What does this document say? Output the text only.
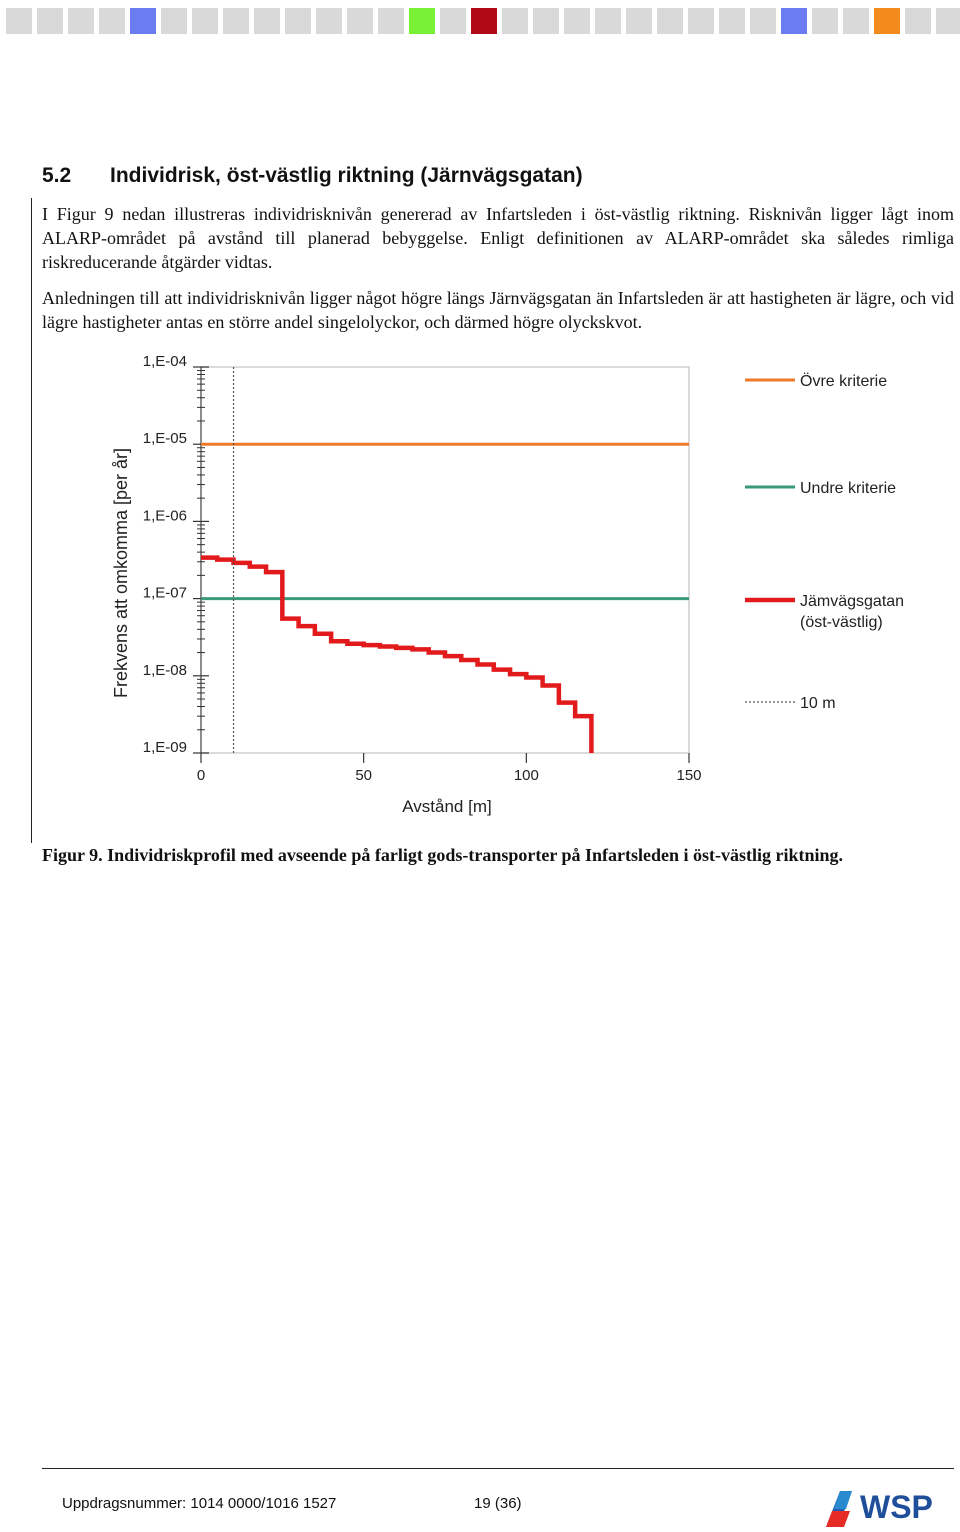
5.2 Individrisk, öst-västlig riktning (Järnvägsgatan)

I Figur 9 nedan illustreras individrisknivån genererad av Infartsleden i öst-västlig riktning. Risknivån ligger lågt inom ALARP-området på avstånd till planerad bebyggelse. Enligt definitionen av ALARP-området ska således rimliga riskreducerande åtgärder vidtas.

Anledningen till att individrisknivån ligger något högre längs Järnvägsgatan än Infartsleden är att hastigheten är lägre, och vid lägre hastigheter antas en större andel singelolyckor, och därmed högre olyckskvot.

1,E-04
1,E-05
1,E-06
1,E-07
1,E-08
1,E-09
0	50	100	150
Övre kriterie
Undre kriterie
Jämvägsgatan
(öst-västlig)
10 m
Avstånd [m]
Frekvens att omkomma [per år]
Figur 9. Individriskprofil med avseende på farligt gods-transporter på Infartsleden i öst-västlig riktning.
Uppdragsnummer: 1014 0000/1016 1527	19 (36)	WSP
